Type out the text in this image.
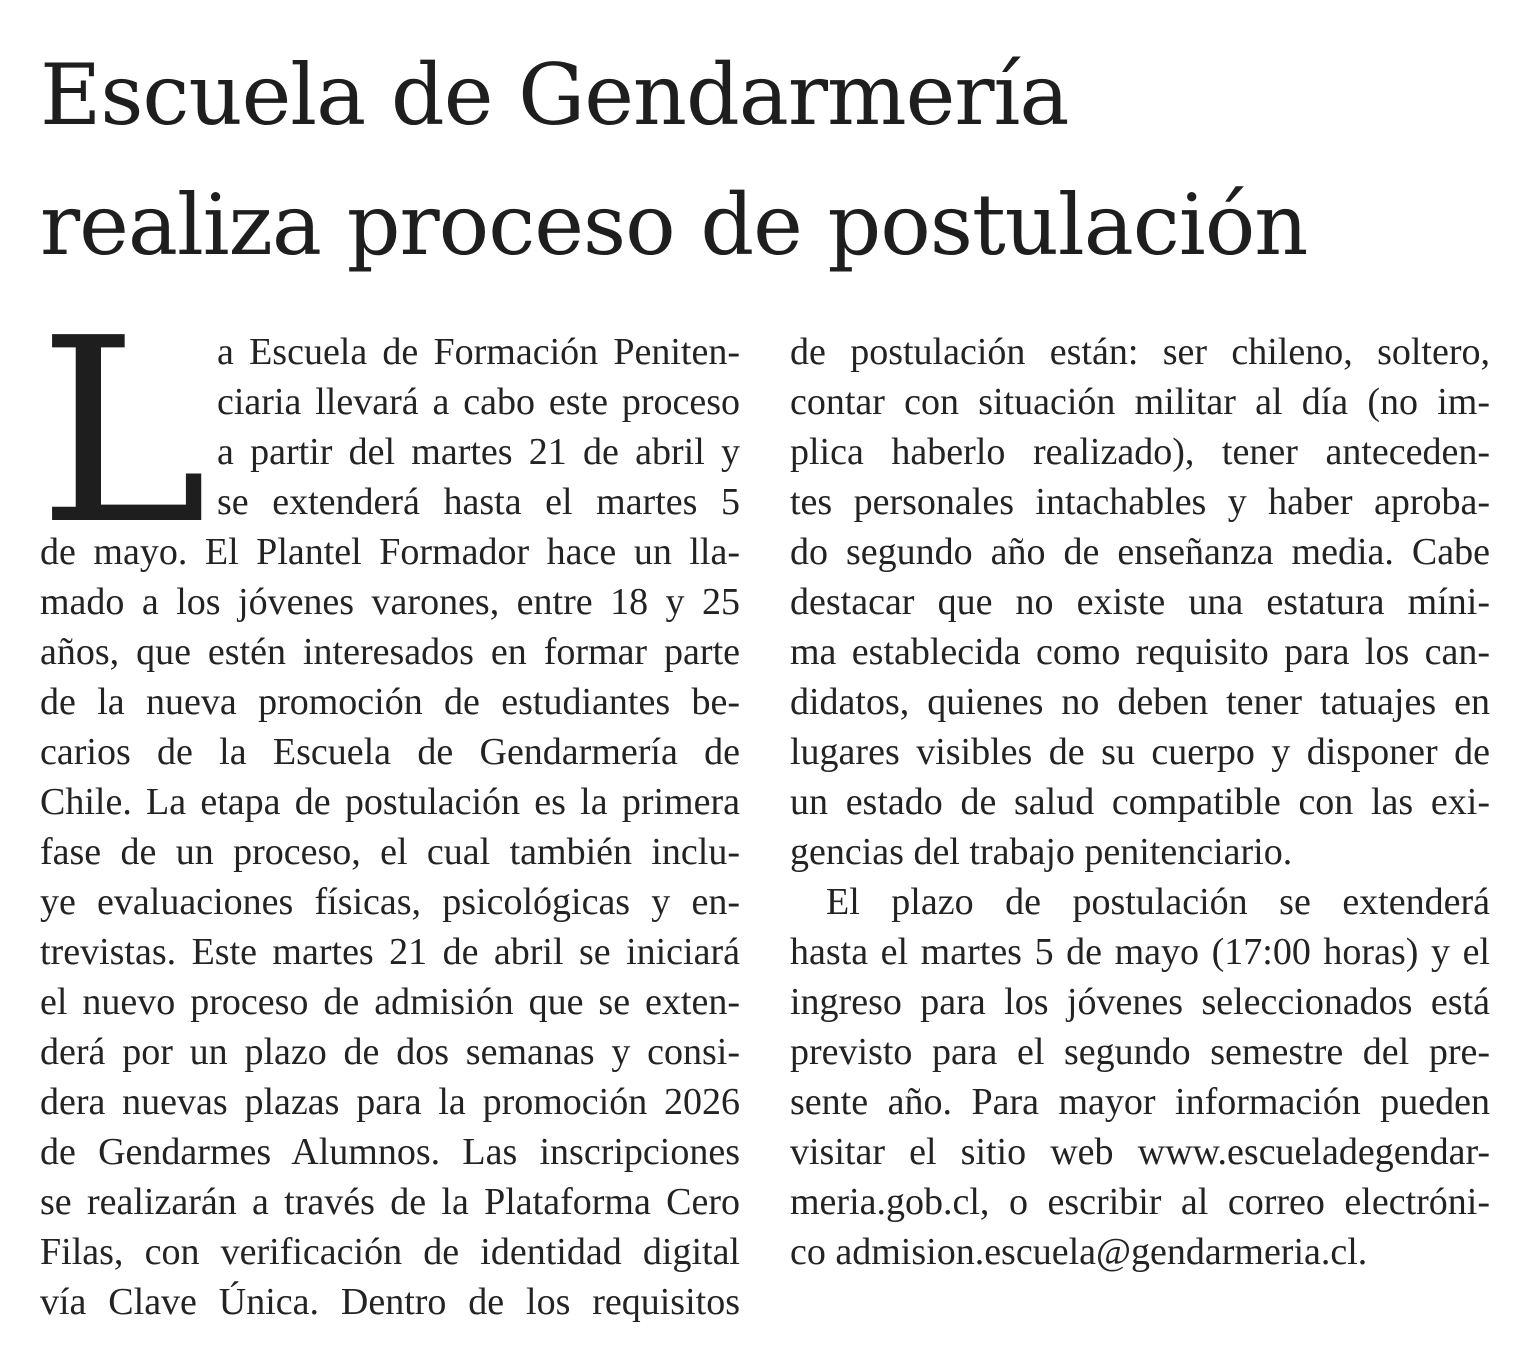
Escuela de Gendarmería
realiza proceso de postulación
L a Escuela de Formación Peniten-
ciaria llevará a cabo este proceso
a partir del martes 21 de abril y
se extenderá hasta el martes 5
de mayo. El Plantel Formador hace un lla-
mado a los jóvenes varones, entre 18 y 25
años, que estén interesados en formar parte
de la nueva promoción de estudiantes be-
carios de la Escuela de Gendarmería de
Chile. La etapa de postulación es la primera
fase de un proceso, el cual también inclu-
ye evaluaciones físicas, psicológicas y en-
trevistas. Este martes 21 de abril se iniciará
el nuevo proceso de admisión que se exten-
derá por un plazo de dos semanas y consi-
dera nuevas plazas para la promoción 2026
de Gendarmes Alumnos. Las inscripciones
se realizarán a través de la Plataforma Cero
Filas, con verificación de identidad digital
vía Clave Única. Dentro de los requisitos
de postulación están: ser chileno, soltero,
contar con situación militar al día (no im-
plica haberlo realizado), tener anteceden-
tes personales intachables y haber aproba-
do segundo año de enseñanza media. Cabe
destacar que no existe una estatura míni-
ma establecida como requisito para los can-
didatos, quienes no deben tener tatuajes en
lugares visibles de su cuerpo y disponer de
un estado de salud compatible con las exi-
gencias del trabajo penitenciario.
El plazo de postulación se extenderá
hasta el martes 5 de mayo (17:00 horas) y el
ingreso para los jóvenes seleccionados está
previsto para el segundo semestre del pre-
sente año. Para mayor información pueden
visitar el sitio web www.escueladegendar-
meria.gob.cl, o escribir al correo electróni-
co admision.escuela@gendarmeria.cl.
